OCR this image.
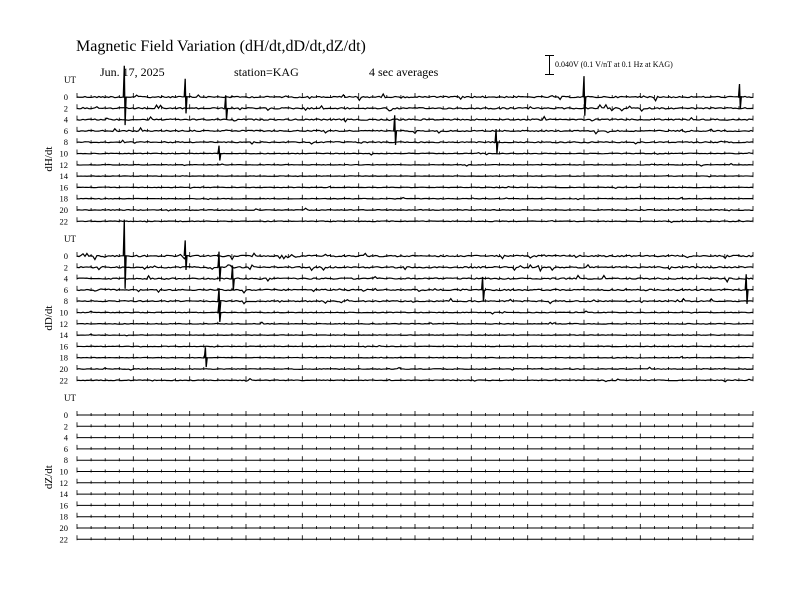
Magnetic Field Variation (dH/dt,dD/dt,dZ/dt)
Jun. 17, 2025	station=KAG	4 sec averages
0.040V (0.1 V/nT at 0.1 Hz at KAG)
UT
dH/dt
0
2
4
6
8
10
12
14
16
18
20
22
UT
dD/dt
0
2
4
6
8
10
12
14
16
18
20
22
UT
dZ/dt
0
2
4
6
8
10
12
14
16
18
20
22
